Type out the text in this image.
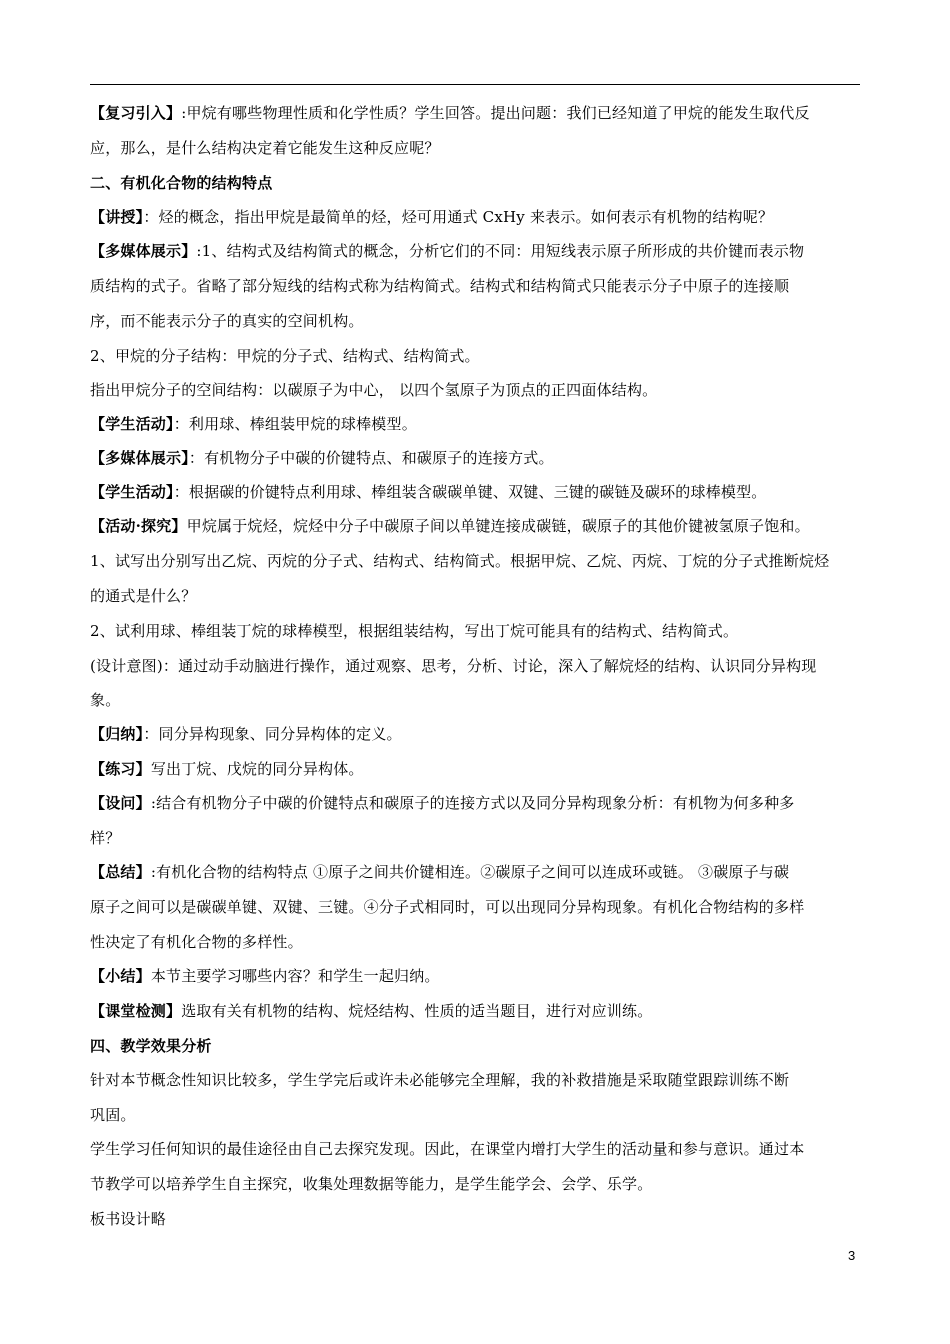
【复习引入】:甲烷有哪些物理性质和化学性质？学生回答。提出问题：我们已经知道了甲烷的能发生取代反
应，那么，是什么结构决定着它能发生这种反应呢？
二、有机化合物的结构特点
【讲授】：烃的概念，指出甲烷是最简单的烃，烃可用通式 CxHy 来表示。如何表示有机物的结构呢？
【多媒体展示】:1、结构式及结构简式的概念，分析它们的不同：用短线表示原子所形成的共价键而表示物
质结构的式子。省略了部分短线的结构式称为结构简式。结构式和结构简式只能表示分子中原子的连接顺
序，而不能表示分子的真实的空间机构。
2、甲烷的分子结构：甲烷的分子式、结构式、结构简式。
指出甲烷分子的空间结构：以碳原子为中心， 以四个氢原子为顶点的正四面体结构。
【学生活动】：利用球、棒组装甲烷的球棒模型。
【多媒体展示】：有机物分子中碳的价键特点、和碳原子的连接方式。
【学生活动】：根据碳的价键特点利用球、棒组装含碳碳单键、双键、三键的碳链及碳环的球棒模型。
【活动·探究】甲烷属于烷烃，烷烃中分子中碳原子间以单键连接成碳链，碳原子的其他价键被氢原子饱和。
1、试写出分别写出乙烷、丙烷的分子式、结构式、结构简式。根据甲烷、乙烷、丙烷、丁烷的分子式推断烷烃
的通式是什么？
2、试利用球、棒组装丁烷的球棒模型，根据组装结构，写出丁烷可能具有的结构式、结构简式。
(设计意图)：通过动手动脑进行操作，通过观察、思考，分析、讨论，深入了解烷烃的结构、认识同分异构现
象。
【归纳】：同分异构现象、同分异构体的定义。
【练习】写出丁烷、戊烷的同分异构体。
【设问】:结合有机物分子中碳的价键特点和碳原子的连接方式以及同分异构现象分析：有机物为何多种多
样？
【总结】:有机化合物的结构特点 ①原子之间共价键相连。②碳原子之间可以连成环或链。 ③碳原子与碳
原子之间可以是碳碳单键、双键、三键。④分子式相同时，可以出现同分异构现象。有机化合物结构的多样
性决定了有机化合物的多样性。
【小结】本节主要学习哪些内容？和学生一起归纳。
【课堂检测】选取有关有机物的结构、烷烃结构、性质的适当题目，进行对应训练。
四、教学效果分析
针对本节概念性知识比较多，学生学完后或许未必能够完全理解，我的补救措施是采取随堂跟踪训练不断
巩固。
学生学习任何知识的最佳途径由自己去探究发现。因此，在课堂内增打大学生的活动量和参与意识。通过本
节教学可以培养学生自主探究，收集处理数据等能力，是学生能学会、会学、乐学。
板书设计略
3
